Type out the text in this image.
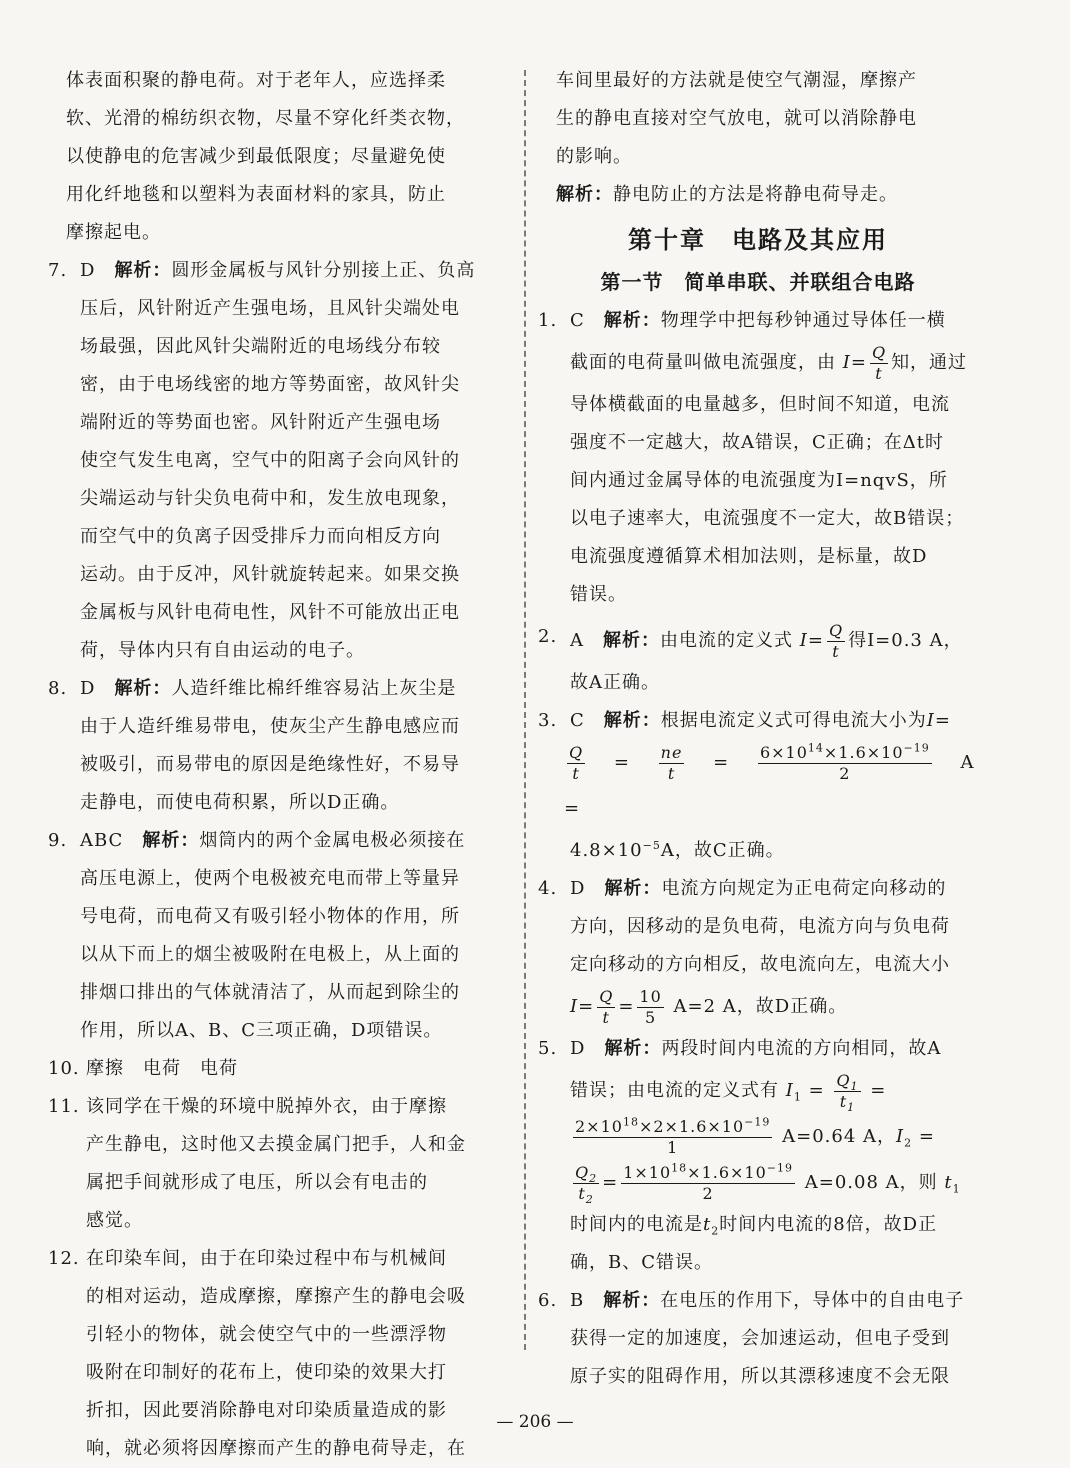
体表面积聚的静电荷。对于老年人，应选择柔
软、光滑的棉纺织衣物，尽量不穿化纤类衣物，
以使静电的危害减少到最低限度；尽量避免使
用化纤地毯和以塑料为表面材料的家具，防止
摩擦起电。
7. D　 解析：圆形金属板与风针分别接上正、负高
压后，风针附近产生强电场，且风针尖端处电
场最强，因此风针尖端附近的电场线分布较
密，由于电场线密的地方等势面密，故风针尖
端附近的等势面也密。风针附近产生强电场
使空气发生电离，空气中的阳离子会向风针的
尖端运动与针尖负电荷中和，发生放电现象，
而空气中的负离子因受排斥力而向相反方向
运动。由于反冲，风针就旋转起来。如果交换
金属板与风针电荷电性，风针不可能放出正电
荷，导体内只有自由运动的电子。
8. D　 解析：人造纤维比棉纤维容易沾上灰尘是
由于人造纤维易带电，使灰尘产生静电感应而
被吸引，而易带电的原因是绝缘性好，不易导
走静电，而使电荷积累，所以D正确。
9. ABC　 解析：烟筒内的两个金属电极必须接在
高压电源上，使两个电极被充电而带上等量异
号电荷，而电荷又有吸引轻小物体的作用，所
以从下而上的烟尘被吸附在电极上，从上面的
排烟口排出的气体就清洁了，从而起到除尘的
作用，所以A、B、C三项正确，D项错误。
10. 摩擦　电荷　电荷
11. 该同学在干燥的环境中脱掉外衣，由于摩擦
产生静电，这时他又去摸金属门把手，人和金
属把手间就形成了电压，所以会有电击的
感觉。
12. 在印染车间，由于在印染过程中布与机械间
的相对运动，造成摩擦，摩擦产生的静电会吸
引轻小的物体，就会使空气中的一些漂浮物
吸附在印制好的花布上，使印染的效果大打
折扣，因此要消除静电对印染质量造成的影
响，就必须将因摩擦而产生的静电荷导走，在
车间里最好的方法就是使空气潮湿，摩擦产
生的静电直接对空气放电，就可以消除静电
的影响。
解析：静电防止的方法是将静电荷导走。
第十章　电路及其应用
第一节　简单串联、并联组合电路
1. C　 解析：物理学中把每秒钟通过导体任一横
截面的电荷量叫做电流强度，由 $I= \frac{Q}{t}$ 知，通过
导体横截面的电量越多，但时间不知道，电流
强度不一定越大，故A错误，C正确；在Δt时
间内通过金属导体的电流强度为I=nqvS，所
以电子速率大，电流强度不一定大，故B错误；
电流强度遵循算术相加法则，是标量，故D
错误。
2. A　 解析：由电流的定义式 $I= \frac{Q}{t}$ 得I=0.3 A，
故A正确。
3. C　 解析：根据电流定义式可得电流大小为I=
$\frac{Q}{t}$ 　=　 $\frac{ne}{t}$ 　=　 $\frac{6\times 10^{14}\times 1.6\times 10^{-19}}{2}$
　 A　=
$4.8\times 10^{-5}A$，故C正确。
4. D　 解析：电流方向规定为正电荷定向移动的
方向，因移动的是负电荷，电流方向与负电荷
定向移动的方向相反，故电流向左，电流大小
$I= \frac{Q}{t} = \frac{10}{5} A=2$ A，故D正确。
5. D　 解析：两段时间内电流的方向相同，故A
错误；由电流的定义式有 $I_1 = \frac{Q_1}{t_1}$ =
$\frac{2\times 10^{18}\times 2\times 1.6\times 10^{-19}}{1} A=0.64$ A，$I_2$ =
$\frac{Q_2}{t_2} = \frac{1\times 10^{18}\times 1.6\times 10^{-19}}{2} A=0.08$ A，则 $t_1$
时间内的电流是$t_2$时间内电流的8倍，故D正
确，B、C错误。
6. B　 解析：在电压的作用下，导体中的自由电子
获得一定的加速度，会加速运动，但电子受到
原子实的阻碍作用，所以其漂移速度不会无限
— 206 —
